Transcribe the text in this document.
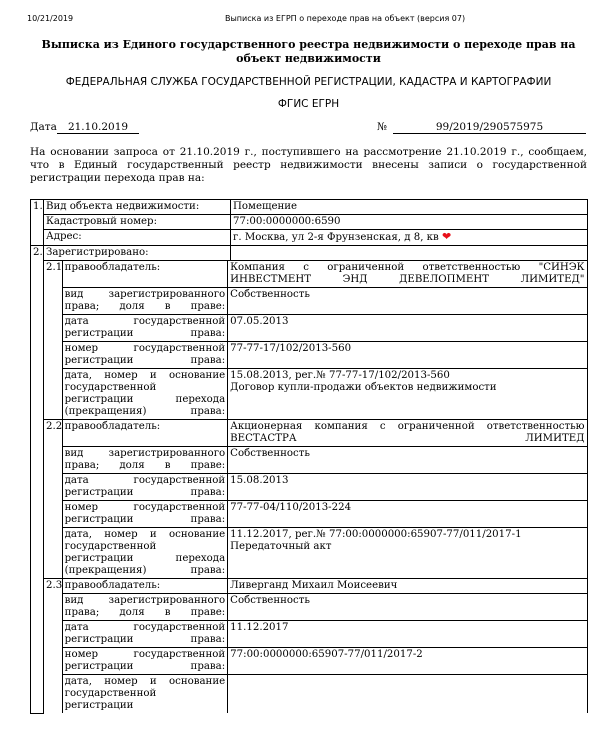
10/21/2019	Выписка из ЕГРП о переходе прав на объект (версия 07)
Выписка из Единого государственного реестра недвижимости о переходе прав на объект недвижимости
ФЕДЕРАЛЬНАЯ СЛУЖБА ГОСУДАРСТВЕННОЙ РЕГИСТРАЦИИ, КАДАСТРА И КАРТОГРАФИИ
ФГИС ЕГРН
Дата	21.10.2019	№	99/2019/290575975
На основании запроса от 21.10.2019 г., поступившего на рассмотрение 21.10.2019 г., сообщаем, что в Единый государственный реестр недвижимости внесены записи о государственной регистрации перехода прав на:
1.	Вид объекта недвижимости:	Помещение
Кадастровый номер:	77:00:0000000:6590
Адрес:	г. Москва, ул 2-я Фрунзенская, д 8, кв ❤
2.	Зарегистрировано:	

2.1	правообладатель:	Компания с ограниченной ответственностью "СИНЭК ИНВЕСТМЕНТ ЭНД ДЕВЕЛОПМЕНТ ЛИМИТЕД"
вид зарегистрированного права; доля в праве:	Собственность
дата государственной регистрации права:	07.05.2013
номер государственной регистрации права:	77-77-17/102/2013-560
дата, номер и основание государственной регистрации перехода (прекращения) права:	
15.08.2013, рег.№ 77-77-17/102/2013-560
Договор купли-продажи объектов недвижимости

2.2	правообладатель:	Акционерная компания с ограниченной ответственностью ВЕСТАСТРА ЛИМИТЕД
вид зарегистрированного права; доля в праве:	Собственность
дата государственной регистрации права:	15.08.2013
номер государственной регистрации права:	77-77-04/110/2013-224
дата, номер и основание государственной регистрации перехода (прекращения) права:	
11.12.2017, рег.№ 77:00:0000000:65907-77/011/2017-1
Передаточный акт

2.3	правообладатель:	Ливерганд Михаил Моисеевич
вид зарегистрированного права; доля в праве:	Собственность
дата государственной регистрации права:	11.12.2017
номер государственной регистрации права:	77:00:0000000:65907-77/011/2017-2
дата, номер и основание государственной регистрации	
